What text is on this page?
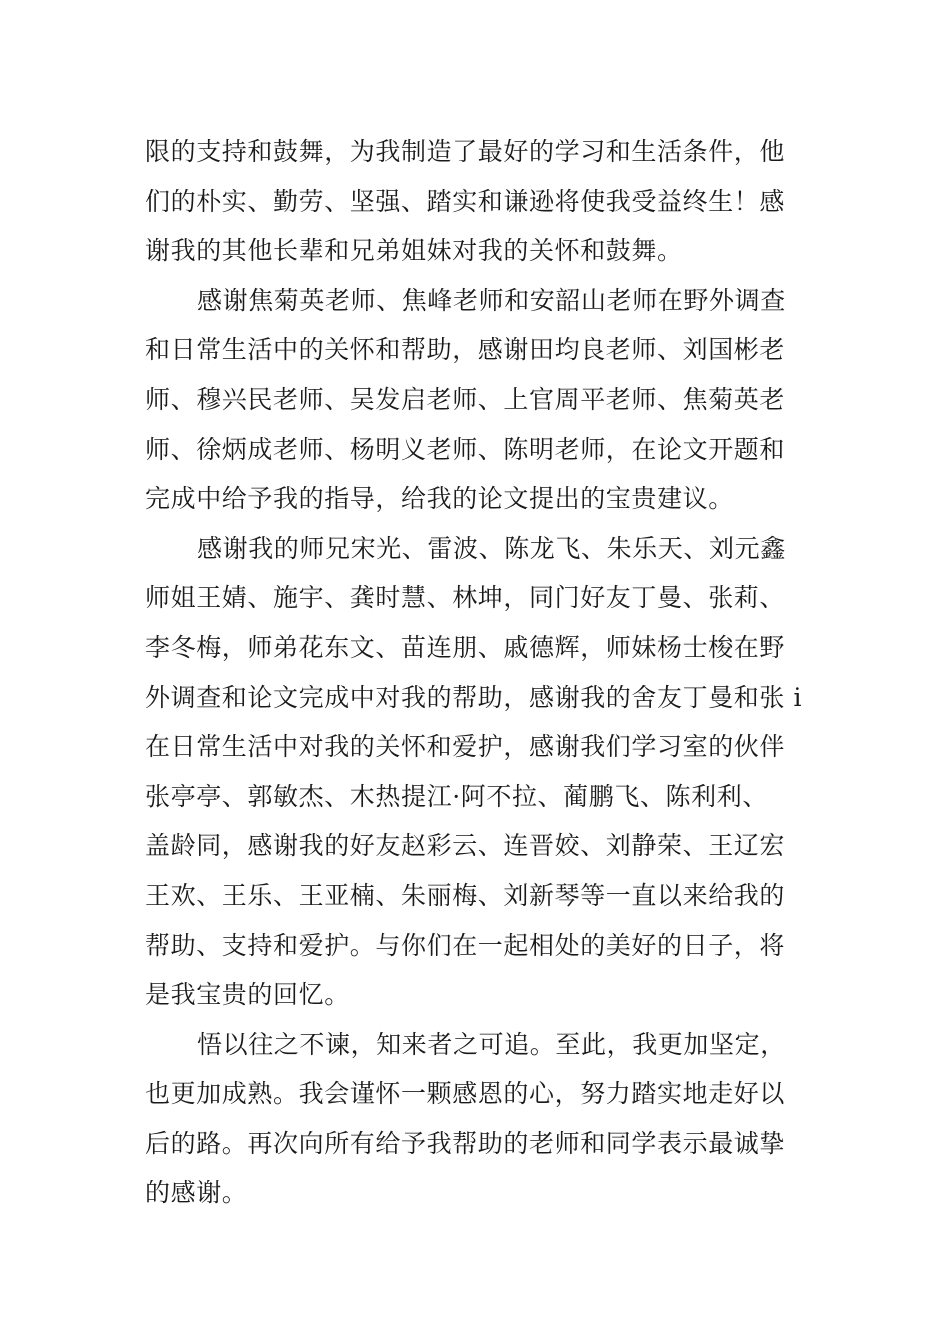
限的支持和鼓舞，为我制造了最好的学习和生活条件，他
们的朴实、勤劳、坚强、踏实和谦逊将使我受益终生！感
谢我的其他长辈和兄弟姐妹对我的关怀和鼓舞。

感谢焦菊英老师、焦峰老师和安韶山老师在野外调查
和日常生活中的关怀和帮助，感谢田均良老师、刘国彬老
师、穆兴民老师、吴发启老师、上官周平老师、焦菊英老
师、徐炳成老师、杨明义老师、陈明老师，在论文开题和
完成中给予我的指导，给我的论文提出的宝贵建议。

感谢我的师兄宋光、雷波、陈龙飞、朱乐天、刘元鑫
师姐王婧、施宇、龚时慧、林坤，同门好友丁曼、张莉、
李冬梅，师弟花东文、苗连朋、戚德辉，师妹杨士梭在野
外调查和论文完成中对我的帮助，感谢我的舍友丁曼和张 i
在日常生活中对我的关怀和爱护，感谢我们学习室的伙伴
张亭亭、郭敏杰、木热提江·阿不拉、蔺鹏飞、陈利利、
盖龄同，感谢我的好友赵彩云、连晋姣、刘静荣、王辽宏
王欢、王乐、王亚楠、朱丽梅、刘新琴等一直以来给我的
帮助、支持和爱护。与你们在一起相处的美好的日子，将
是我宝贵的回忆。

悟以往之不谏，知来者之可追。至此，我更加坚定，
也更加成熟。我会谨怀一颗感恩的心，努力踏实地走好以
后的路。再次向所有给予我帮助的老师和同学表示最诚挚
的感谢。
